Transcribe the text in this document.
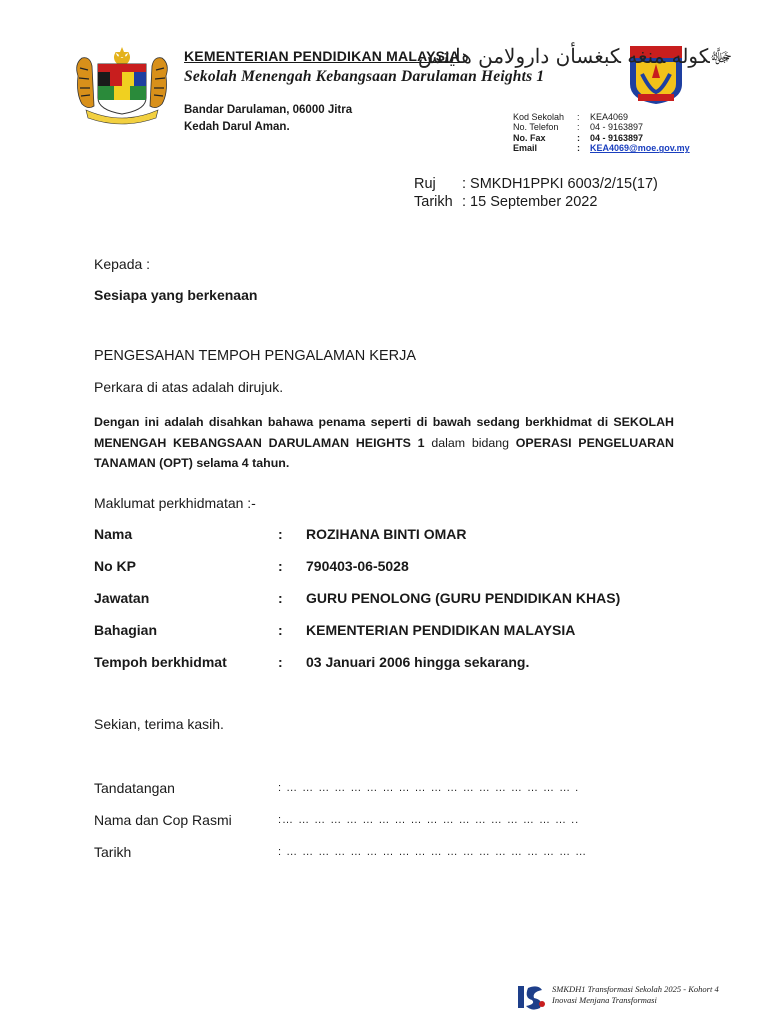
KEMENTERIAN PENDIDIKAN MALAYSIA
ﷻﻜﻮﻟﻪ ﻤﻨﻐﻪ ﻜﺒﻐﺴﺄن دارولامن هايتس
Sekolah Menengah Kebangsaan Darulaman Heights 1
Bandar Darulaman, 06000 Jitra
Kedah Darul Aman.
Kod Sekolah	:	KEA4069
No. Telefon	:	04 - 9163897
No. Fax	:	04 - 9163897
Email	:	KEA4069@moe.gov.my
Ruj	: SMKDH1PPKI 6003/2/15(17)
Tarikh : 15 September 2022
Kepada :
Sesiapa yang berkenaan
PENGESAHAN TEMPOH PENGALAMAN KERJA
Perkara di atas adalah dirujuk.
Dengan ini adalah disahkan bahawa penama seperti di bawah sedang berkhidmat di SEKOLAH MENENGAH KEBANGSAAN DARULAMAN HEIGHTS 1 dalam bidang OPERASI PENGELUARAN TANAMAN (OPT) selama 4 tahun.
Maklumat perkhidmatan :-
Nama	:	ROZIHANA BINTI OMAR
No KP	:	790403-06-5028
Jawatan	:	GURU PENOLONG (GURU PENDIDIKAN KHAS)
Bahagian	:	KEMENTERIAN PENDIDIKAN MALAYSIA
Tempoh berkhidmat	:	03 Januari 2006 hingga sekarang.
Sekian, terima kasih.
Tandatangan	: … … … … … … … … … … … … … … … … … … .
Nama dan Cop Rasmi	:… … … … … … … … … … … … … … … … … … ..
Tarikh	: … … … … … … … … … … … … … … … … … … …
SMKDH1 Transformasi Sekolah 2025 - Kohort 4
Inovasi Menjana Transformasi
